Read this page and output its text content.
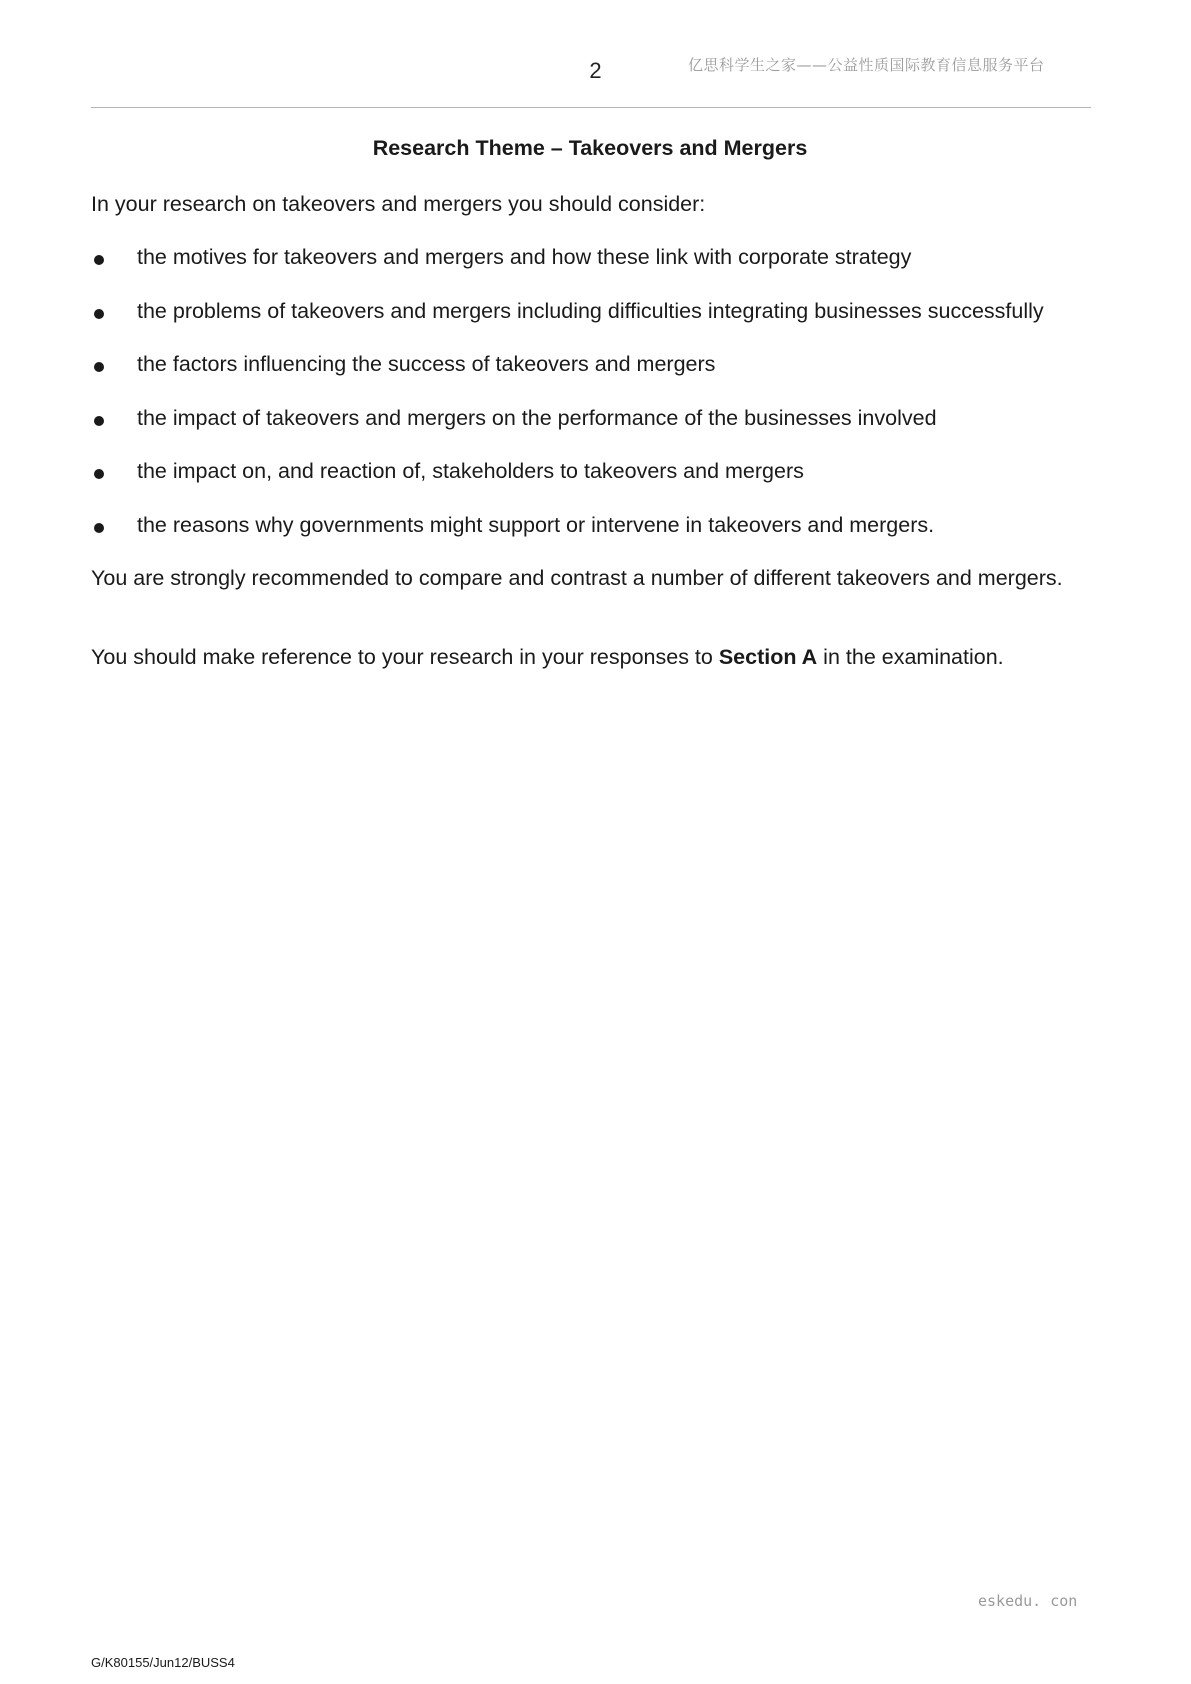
2	亿思科学生之家——公益性质国际教育信息服务平台
Research Theme – Takeovers and Mergers
In your research on takeovers and mergers you should consider:
the motives for takeovers and mergers and how these link with corporate strategy
the problems of takeovers and mergers including difficulties integrating businesses successfully
the factors influencing the success of takeovers and mergers
the impact of takeovers and mergers on the performance of the businesses involved
the impact on, and reaction of, stakeholders to takeovers and mergers
the reasons why governments might support or intervene in takeovers and mergers.
You are strongly recommended to compare and contrast a number of different takeovers and mergers.
You should make reference to your research in your responses to Section A in the examination.
eskedu. con
G/K80155/Jun12/BUSS4
